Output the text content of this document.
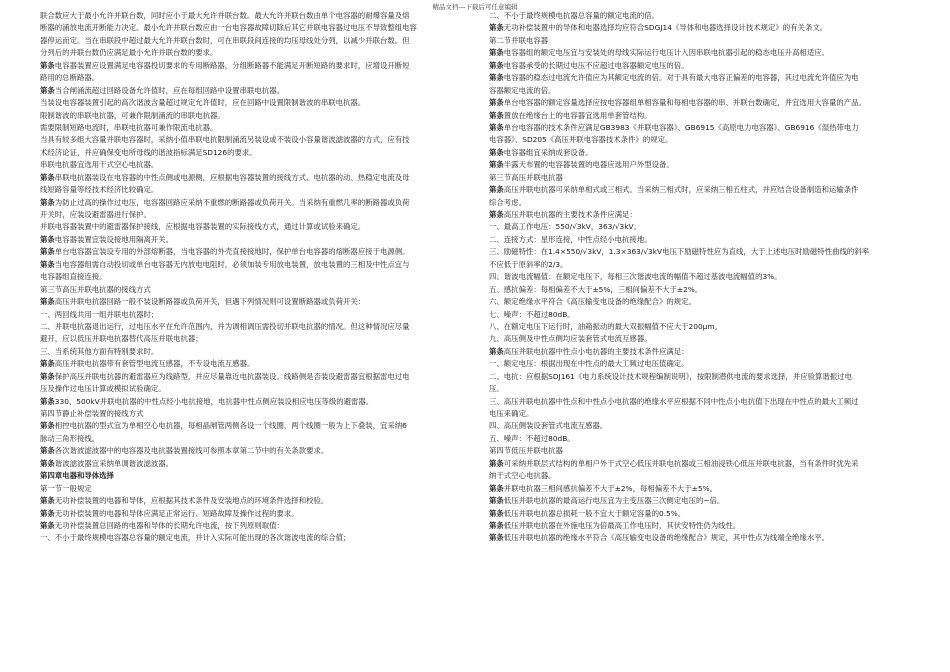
精品文档---下载后可任意编辑
联合数应大于最小允许并联台数，同时应小于最大允许并联台数。最大允许并联台数由单个电容器的耐爆容量及熔
断器的涌放电流开断能力决定。最小允许并联台数应由一台电容器故障切除后其它并联电容器过电压不导致整组电容
器停运而定。当在串联段中超过最大允许并联台数时，可在串联段间连接的均压母线处分列，以减少并联台数。但
分列后的并联台数仍应满足最小允许并联台数的要求。
第条电容器装置应设置满足电容器投切要求的专用断路器，分组断路器不能满足开断短路的要求时，应增设开断短
路用的总断路器。
第条当合闸涌流超过回路设备允许值时，应在每组回路中设置串联电抗器。
当装设电容器装置引起的高次谐波含量超过规定允许值时，应在回路中设置限制谐波的串联电抗器。
限制谐波的串联电抗器，可兼作限制涌流的串联电抗器。
需要限制短路电流时，串联电抗器可兼作限流电抗器。
当具有较多组大容量并联电容器时，采纳小值串联电抗限制涌流另装设或不装设小容量谐波滤波器的方式，应有技
术经济论证，并应确保变电所母线的谐波指标满足SD126的要求。
串联电抗器宜选用干式空心电抗器。
第条串联电抗器装设在电容器的中性点侧或电源侧，应根据电容器装置的接线方式、电抗器的动、热稳定电流及母
线短路容量等经技术经济比较确定。
第条为防止过高的操作过电压，电容器回路应采纳不重燃的断路器或负荷开关。当采纳有重燃几率的断路器或负荷
开关时，应装设避雷器进行保护。
并联电容器装置中的避雷器保护接线，应根据电容器装置的实际接线方式，通过计算或试验来确定。
第条电容器装置宜装设接地用隔离开关。
第条单台电容器宜装设专用的外部熔断器，当电容器的外壳直接接地时，保护单台电容器的熔断器应接于电源侧。
第条当电容器组需自动投切或单台电容器无内放电电阻时，必须加装专用放电装置，放电装置的三相及中性点宜与
电容器组直接连接。
第三节高压并联电抗器的接线方式
第条高压并联电抗器回路一般不装设断路器或负荷开关，但遇下列情况则可设置断路器或负荷开关：
一、两回线共用一组并联电抗器时；
二、并联电抗器退出运行，过电压水平在允许范围内，并为调相调压需投切并联电抗器的情况。但这种情况应尽量
避开，应以低压并联电抗器替代高压并联电抗器；
三、当系统其他方面有特别要求时。
第条高压并联电抗器带有套管型电流互感器，不专设电流互感器。
第条保护高压并联电抗器的避雷器应为线路型，并应尽量靠近电抗器装设。线路侧是否装设避雷器宜根据雷电过电
压及操作过电压计算或模拟试验确定。
第条330、500kV并联电抗器的中性点经小电抗接地，电抗器中性点侧应装设相应电压等级的避雷器。
第四节静止补偿装置的接线方式
第条相控电抗器的型式宜为单相空心电抗器，每相晶闸管两侧各设一个线圈，两个线圈一般为上下叠装，宜采纳6
脉动三角形接线。
第条各次谐波滤波器中的电容器及电抗器装置接线可参照本章第二节中的有关条款要求。
第条谐波滤波器宜采纳单调谐波滤波器。
第四章电器和导体选择
第一节一般规定
第条无功补偿装置的电器和导体，应根据其技术条件及安装地点的环境条件选择和校验。
第条无功补偿装置的电器和导体应满足正常运行、短路故障及操作过程的要求。
第条无功补偿装置总回路的电器和导体的长期允许电流，按下列原则取值：
一、不小于最终规模电容器总容量的额定电流，并计入实际可能出现的各次谐波电流的综合值；
二、不小于最终规模电抗器总容量的额定电流的倍。
第条无功补偿装置中的导体和电器选择均应符合SDGJ14《导体和电器选择设计技术规定》的有关条文。
第二节并联电容器
第条电容器组的额定电压宜与安装处的母线实际运行电压计入因串联电抗器引起的稳态电压升高相适应。
第条电容器承受的长期过电压不应超过电容器额定电压的倍。
第条电容器的稳态过电流允许值应为其额定电流的倍。对于具有最大电容正偏差的电容器，其过电流允许值应为电
容器额定电流的倍。
第条单台电容器的额定容量选择应按电容器组单相容量和每相电容器的串、并联台数确定，并宜选用大容量的产品。
第条置放在绝缘台上的电容器宜选用单套管结构。
第条单台电容器的技术条件应满足GB3983《并联电容器》、GB6915《高原电力电容器》、GB6916《湿热带电力
电容器》、SD205《高压并联电容器技术条件》的规定。
第条电容器组宜采纳成套设备。
第条半露天布置的电容器装置的电器应选用户外型设备。
第三节高压并联电抗器
第条高压并联电抗器可采纳单相式或三相式。当采纳三相式时，应采纳三相五柱式，并应结合设备制造和运输条件
综合考虑。
第条高压并联电抗器的主要技术条件应满足：
一、最高工作电压：550/√3kV，363/√3kV。
二、连接方式：星形连接，中性点经小电抗接地。
三、励磁特性：在1.4×550/√3kV，1.3×363/√3kV电压下励磁特性应为直线，大于上述电压时励磁特性曲线的斜率
不应低于原斜率的2/3。
四、谐波电流幅值：在额定电压下，每相三次谐波电流的幅值不超过基波电流幅值的3%。
五、感抗偏差：每相偏差不大于±5%，三相间偏差不大于±2%。
六、额定绝缘水平符合《高压输变电设备的绝缘配合》的规定。
七、噪声：不超过80dB。
八、在额定电压下运行时，油箱振动的最大双振幅值不应大于200μm。
九、高压侧及中性点侧均应装套管式电流互感器。
第条高压并联电抗器中性点小电抗器的主要技术条件应满足：
一、额定电压：根据出现在中性点的最大工频过电压值确定。
二、电抗：应根据SDJ161《电力系统设计技术规程编制说明》，按限制潜供电流的要求选择，并应验算谐振过电
压。
三、高压并联电抗器中性点和中性点小电抗器的绝缘水平应根据不同中性点小电抗值下出现在中性点的最大工频过
电压来确定。
四、高压侧装设套管式电流互感器。
五、噪声：不超过80dB。
第四节低压并联电抗器
第条可采纳并联层式结构的单相户外干式空心低压并联电抗器或三相油浸铁心低压并联电抗器，当有条件时优先采
纳干式空心电抗器。
第条并联电抗器三相间感抗偏差不大于±2%，每相偏差不大于±5%。
第条低压并联电抗器的最高运行电压宜为主变压器三次侧定电压的~倍。
第条低压并联电抗器总损耗一般不宜大于额定容量的0.5%。
第条低压并联电抗器在外施电压为倍最高工作电压时，其伏安特性仍为线性。
第条低压并联电抗器的绝缘水平符合《高压输变电设备的绝缘配合》规定，其中性点为线端全绝缘水平。
